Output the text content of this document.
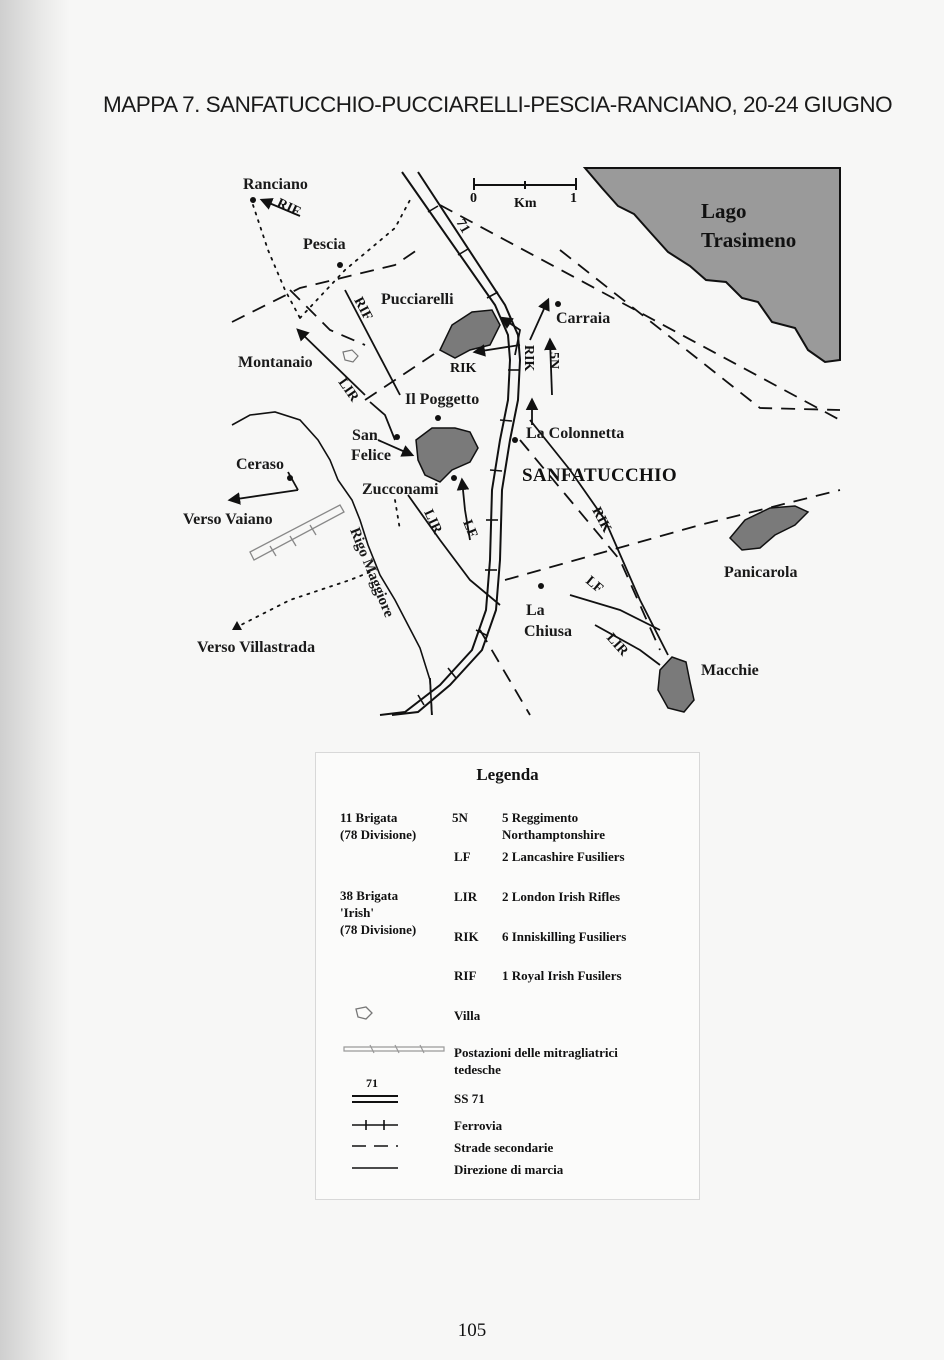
MAPPA 7. SANFATUCCHIO-PUCCIARELLI-PESCIA-RANCIANO, 20-24 GIUGNO
Lago
Trasimeno
0	Km 1
71
Ranciano
Pescia
Pucciarelli
Carraia
Montanaio
Il Poggetto
San
Felice
La Colonnetta
SANFATUCCHIO
Ceraso
Zucconami
Verso Vaiano
Panicarola
La
Chiusa
Macchie
Verso Villastrada
Rigo Maggiore
RIF
RIF
RIK	RIK 5N
LIR
LIR LF	RIK
LF
LIR
Legenda
11 Brigata
(78 Divisione)
5N	5 Reggimento
Northamptonshire
LF 2 Lancashire Fusiliers
38 Brigata
'Irish'
(78 Divisione)
LIR 2 London Irish Rifles
RIK 6 Inniskilling Fusiliers
RIF 1 Royal Irish Fusilers
Villa
Postazioni delle mitragliatrici
tedesche
71
SS 71
Ferrovia
Strade secondarie
Direzione di marcia
105
